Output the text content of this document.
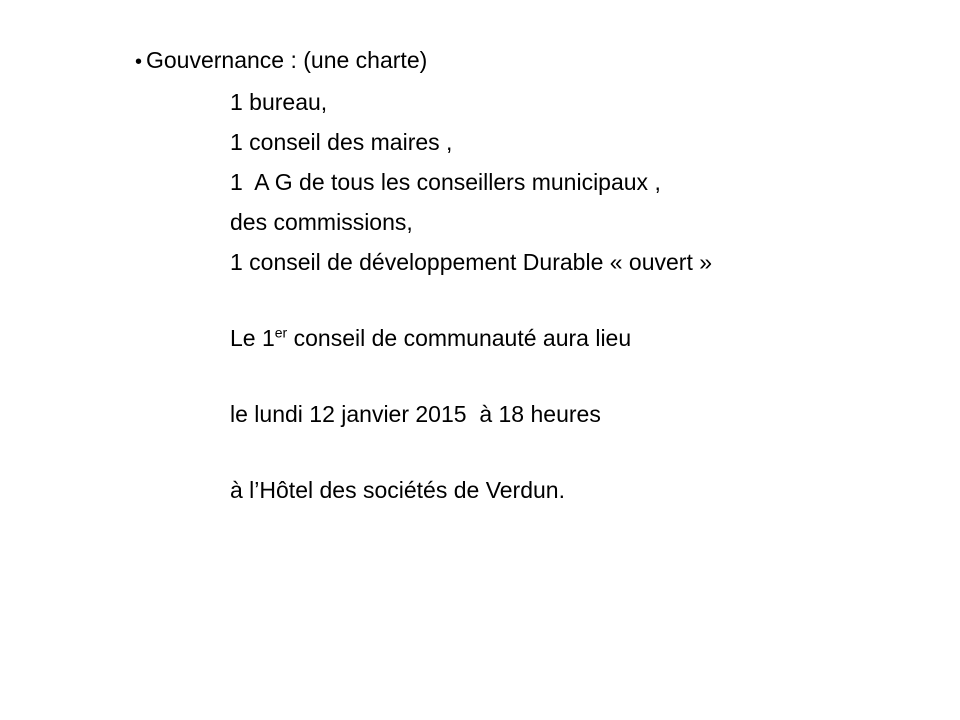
• Gouvernance : (une charte)
1 bureau,
1 conseil des maires ,
1  A G de tous les conseillers municipaux ,
des commissions,
1 conseil de développement Durable « ouvert »
Le 1er conseil de communauté aura lieu
le lundi 12 janvier 2015  à 18 heures
à l’Hôtel des sociétés de Verdun.
